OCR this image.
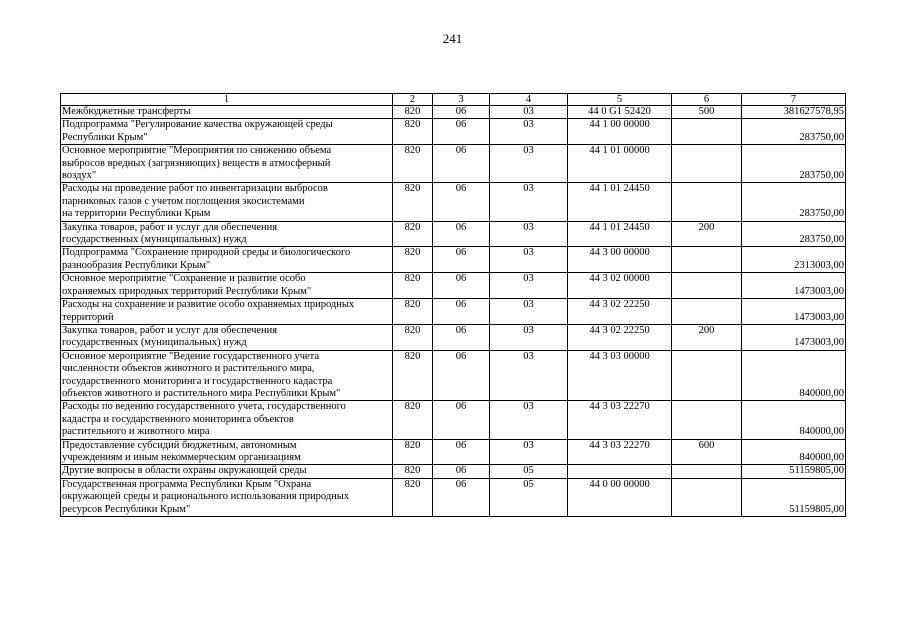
241
1	2	3	4	5	6	7
Межбюджетные трансферты	820	06	03	44 0 G1 52420	500	381627578,95
Подпрограмма "Регулирование качества окружающей среды
Республики Крым"	820	06	03	44 1 00 00000		283750,00
Основное мероприятие "Мероприятия по снижению объема
выбросов вредных (загрязняющих) веществ в атмосферный
воздух"	820	06	03	44 1 01 00000		283750,00
Расходы на проведение работ по инвентаризации выбросов
парниковых газов с учетом поглощения экосистемами
на территории Республики Крым	820	06	03	44 1 01 24450		283750,00
Закупка товаров, работ и услуг для обеспечения
государственных (муниципальных) нужд	820	06	03	44 1 01 24450	200	283750,00
Подпрограмма "Сохранение природной среды и биологического
разнообразия Республики Крым"	820	06	03	44 3 00 00000		2313003,00
Основное мероприятие "Сохранение и развитие особо
охраняемых природных территорий Республики Крым"	820	06	03	44 3 02 00000		1473003,00
Расходы на сохранение и развитие особо охраняемых природных
территорий	820	06	03	44 3 02 22250		1473003,00
Закупка товаров, работ и услуг для обеспечения
государственных (муниципальных) нужд	820	06	03	44 3 02 22250	200	1473003,00
Основное мероприятие "Ведение государственного учета
численности объектов животного и растительного мира,
государственного мониторинга и государственного кадастра
объектов животного и растительного мира Республики Крым"	820	06	03	44 3 03 00000		840000,00
Расходы по ведению государственного учета, государственного
кадастра и государственного мониторинга объектов
растительного и животного мира	820	06	03	44 3 03 22270		840000,00
Предоставление субсидий бюджетным, автономным
учреждениям и иным некоммерческим организациям	820	06	03	44 3 03 22270	600	840000,00
Другие вопросы в области охраны окружающей среды	820	06	05			51159805,00
Государственная программа Республики Крым "Охрана
окружающей среды и рационального использования природных
ресурсов Республики Крым"	820	06	05	44 0 00 00000		51159805,00
